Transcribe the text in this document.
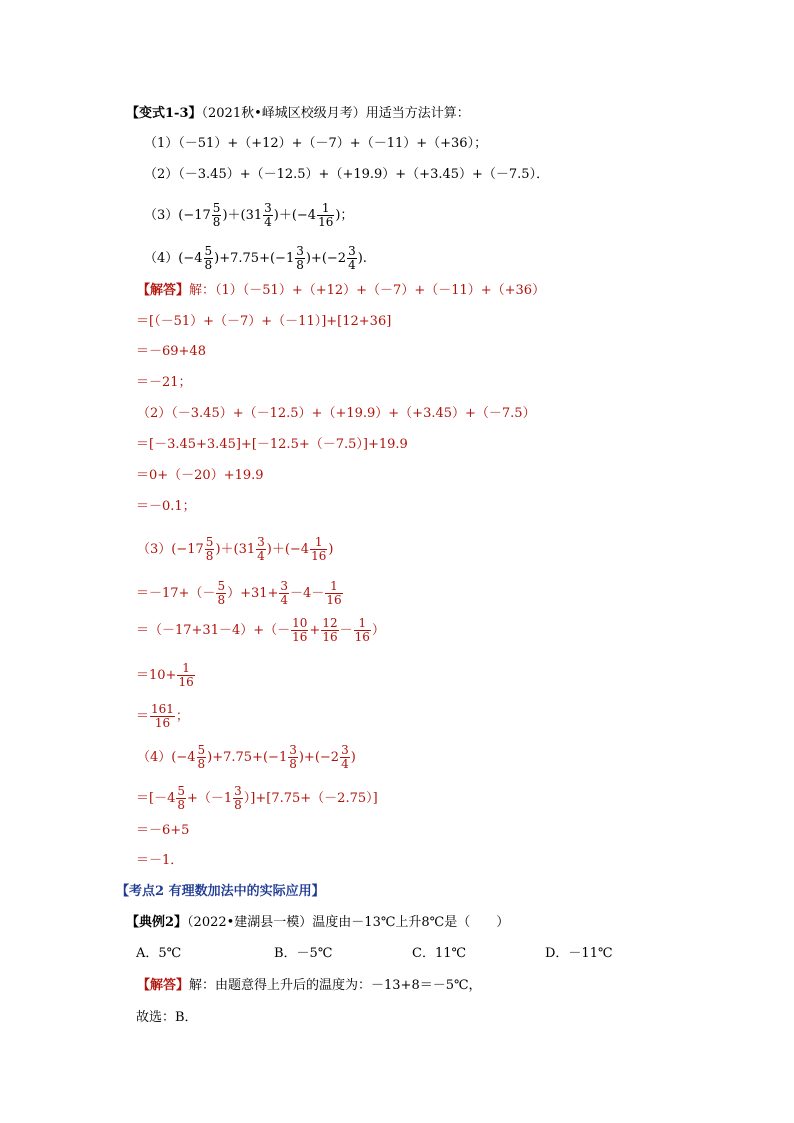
【变式1-3】（2021秋•峄城区校级月考）用适当方法计算：
（1）（－51）+（+12）+（－7）+（－11）+（+36）；
（2）（－3.45）+（－12.5）+（+19.9）+（+3.45）+（－7.5）．
$(3)(-17 \frac{5}{8} )+(31 \frac{3}{4} )+(-4 \frac{1}{16}$ )；
$(4)(-4 \frac{5}{8} )+7.75+(-1 \frac{3}{8} )+(-2 \frac{3}{4}$ ).
【解答】解：（1）（－51）+（+12）+（－7）+（－11）+（+36）
＝[（－51）+（－7）+（－11）]+[12+36]
＝－69+48
＝－21；
（2）（－3.45）+（－12.5）+（+19.9）+（+3.45）+（－7.5）
＝[－3.45+3.45]+[－12.5+（－7.5）]+19.9
＝0+（－20）+19.9
＝－0.1；
$(3)(-17 \frac{5}{8} )+(31 \frac{3}{4} )+(-4 \frac{1}{16}$ )
$=-17+(- \frac{5}{8} )+31+ \frac{3}{4} -4- \frac{1}{16}$
$=(-17+31-4)+(- \frac{10}{16} + \frac{12}{16} - \frac{1}{16}$ ）
$=10+ \frac{1}{16}$
＝ $\frac{161}{16}$ ；
$(4)(-4 \frac{5}{8} )+7.75+(-1 \frac{3}{8} )+(-2 \frac{3}{4}$ )
$=[-4 \frac{5}{8} +(-1 \frac{3}{8} )]+[7.75+(-2.75)]$
＝－6+5
＝－1．
【考点2 有理数加法中的实际应用】
【典例2】（2022•建湖县一模）温度由－13℃上升8℃是（　　）
A．5℃	B．－5℃	C．11℃	D．－11℃
【解答】解：由题意得上升后的温度为：－13+8＝－5℃，
故选：B．
